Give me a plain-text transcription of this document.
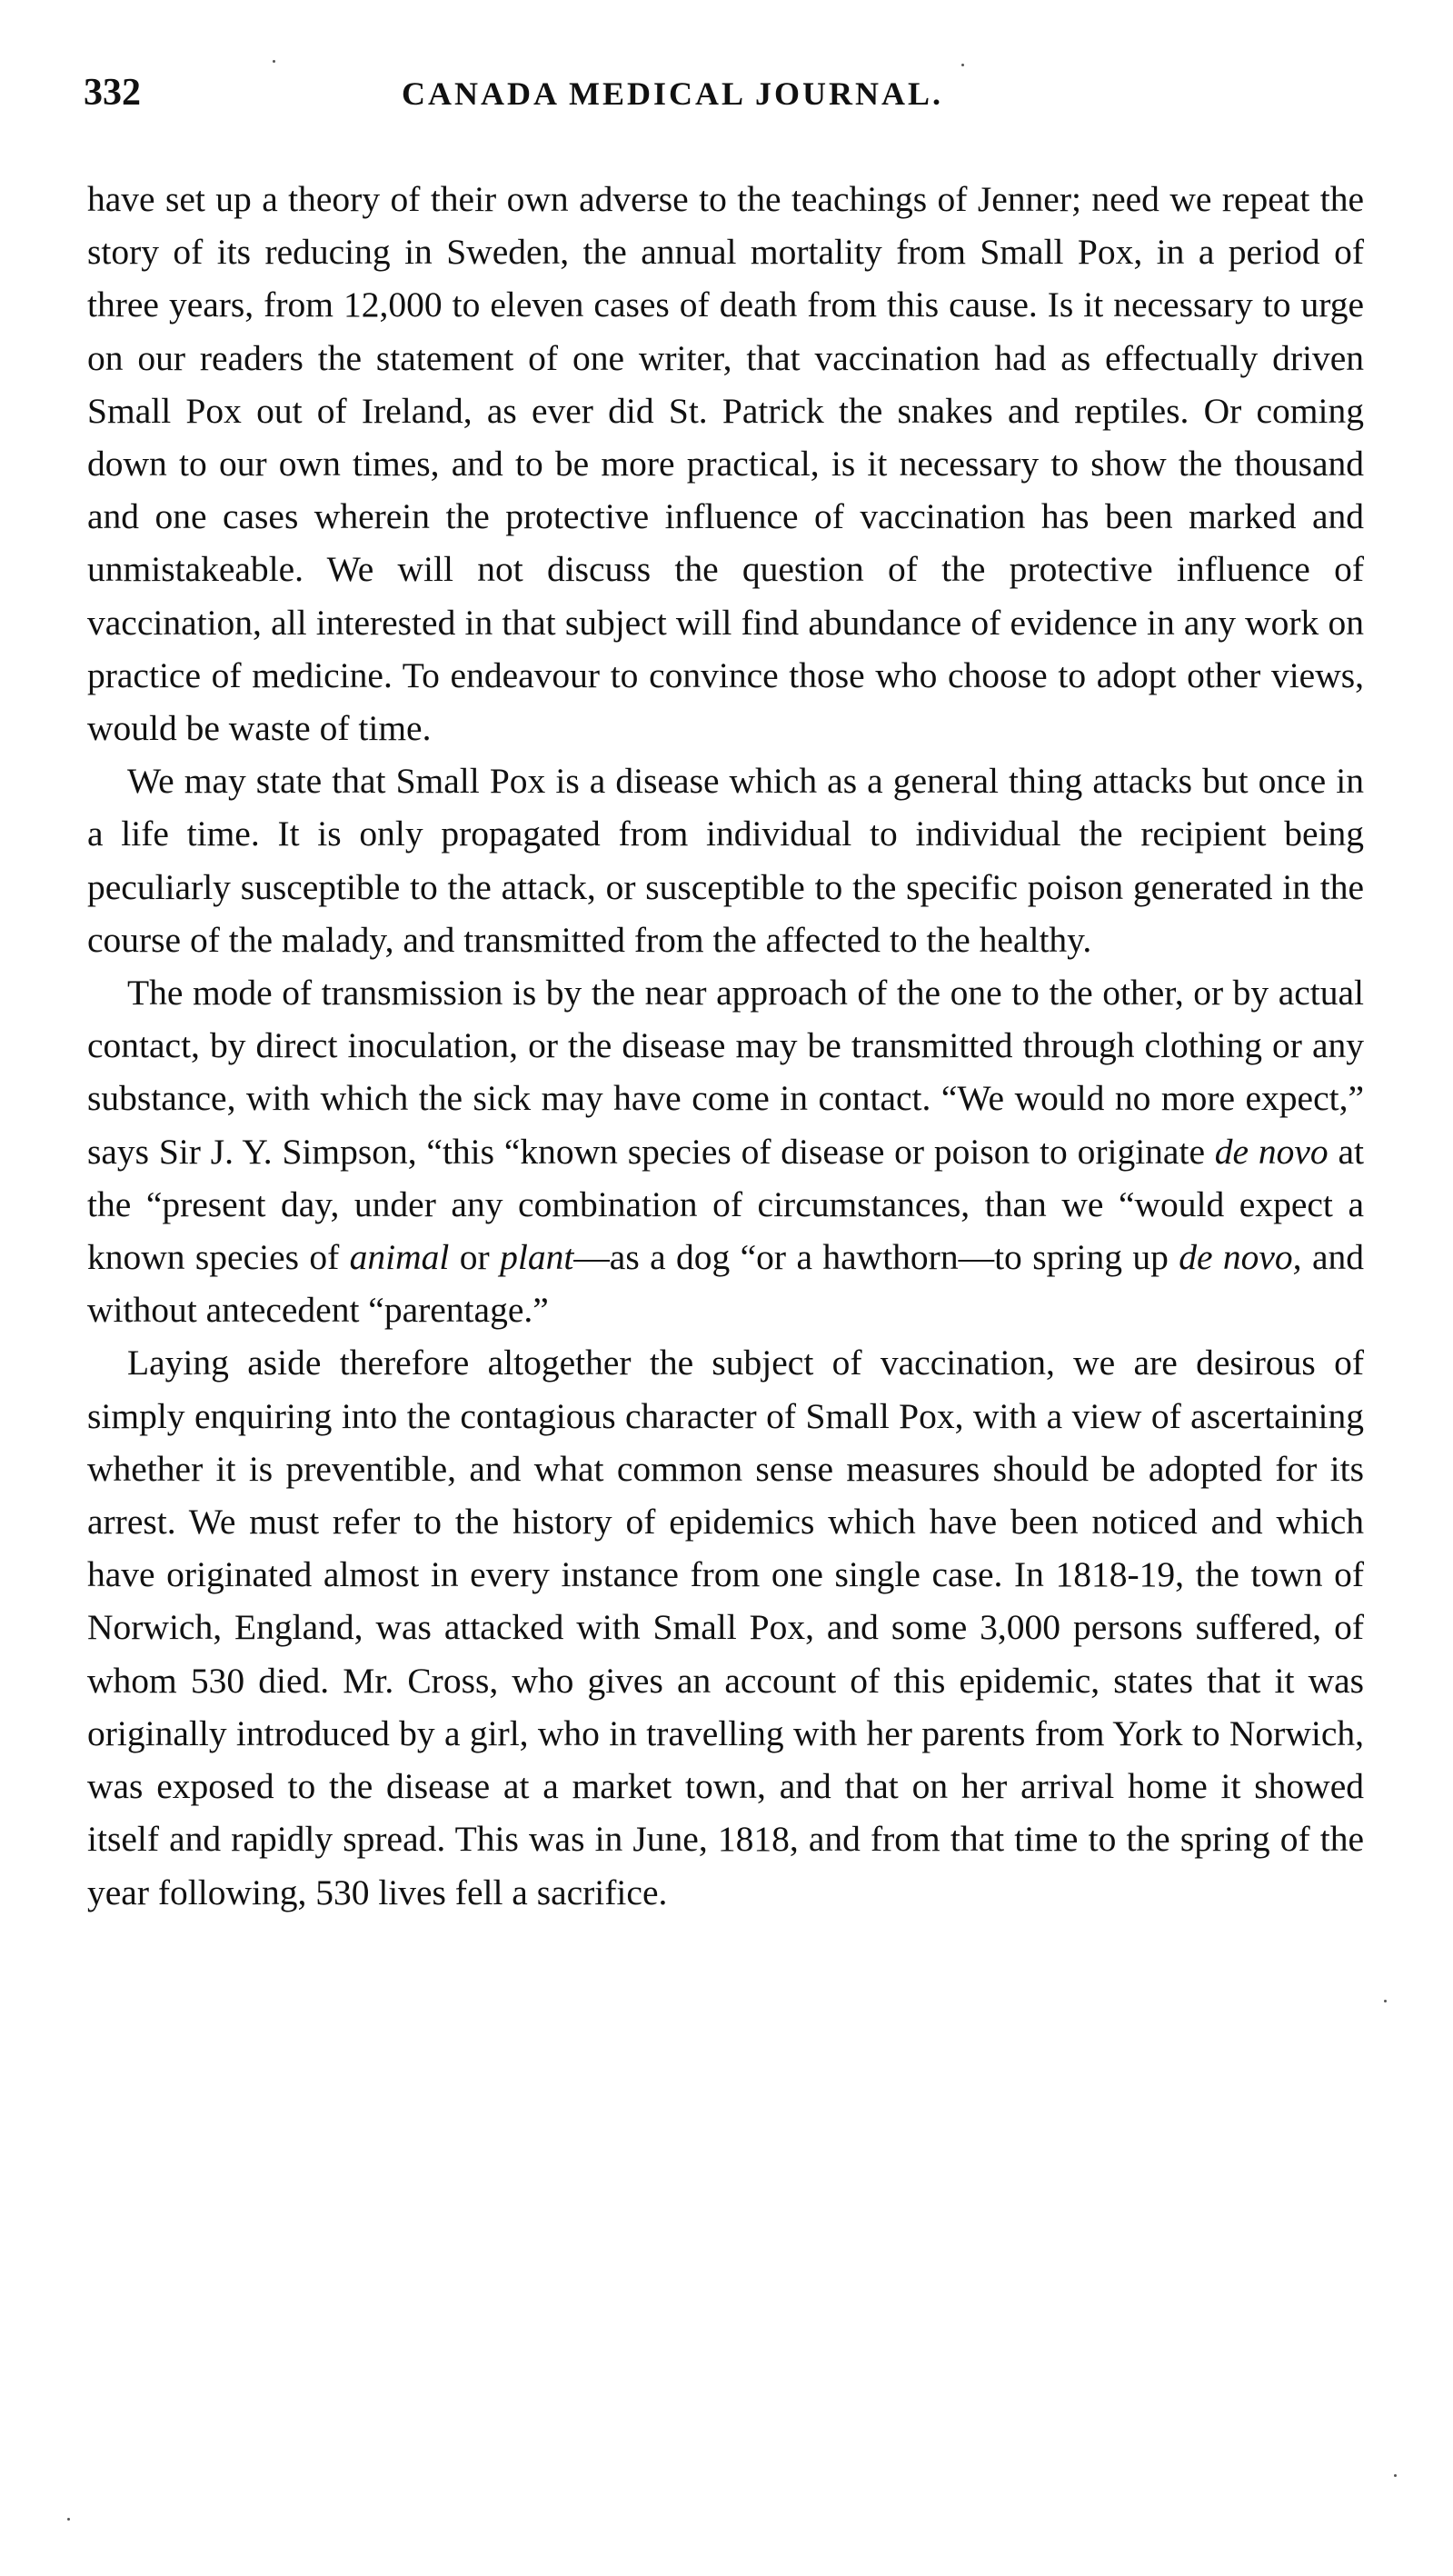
332	CANADA MEDICAL JOURNAL.

have set up a theory of their own adverse to the teachings of Jenner; need we repeat the story of its reducing in Sweden, the annual mortality from Small Pox, in a period of three years, from 12,000 to eleven cases of death from this cause. Is it necessary to urge on our readers the statement of one writer, that vaccination had as effectually driven Small Pox out of Ireland, as ever did St. Patrick the snakes and reptiles. Or coming down to our own times, and to be more practical, is it necessary to show the thousand and one cases wherein the protective influence of vaccination has been marked and unmistakeable. We will not discuss the question of the protective influence of vaccination, all interested in that subject will find abundance of evidence in any work on practice of medicine. To endeavour to convince those who choose to adopt other views, would be waste of time.

We may state that Small Pox is a disease which as a general thing attacks but once in a life time. It is only propagated from individual to individual the recipient being peculiarly susceptible to the attack, or susceptible to the specific poison generated in the course of the malady, and transmitted from the affected to the healthy.

The mode of transmission is by the near approach of the one to the other, or by actual contact, by direct inoculation, or the disease may be transmitted through clothing or any substance, with which the sick may have come in contact. “We would no more expect,” says Sir J. Y. Simpson, “this “known species of disease or poison to originate de novo at the “present day, under any combination of circumstances, than we “would expect a known species of animal or plant—as a dog “or a hawthorn—to spring up de novo, and without antecedent “parentage.”

Laying aside therefore altogether the subject of vaccination, we are desirous of simply enquiring into the contagious character of Small Pox, with a view of ascertaining whether it is preventible, and what common sense measures should be adopted for its arrest. We must refer to the history of epidemics which have been noticed and which have originated almost in every instance from one single case. In 1818-19, the town of Norwich, England, was attacked with Small Pox, and some 3,000 persons suffered, of whom 530 died. Mr. Cross, who gives an account of this epidemic, states that it was originally introduced by a girl, who in travelling with her parents from York to Norwich, was exposed to the disease at a market town, and that on her arrival home it showed itself and rapidly spread. This was in June, 1818, and from that time to the spring of the year following, 530 lives fell a sacrifice.
